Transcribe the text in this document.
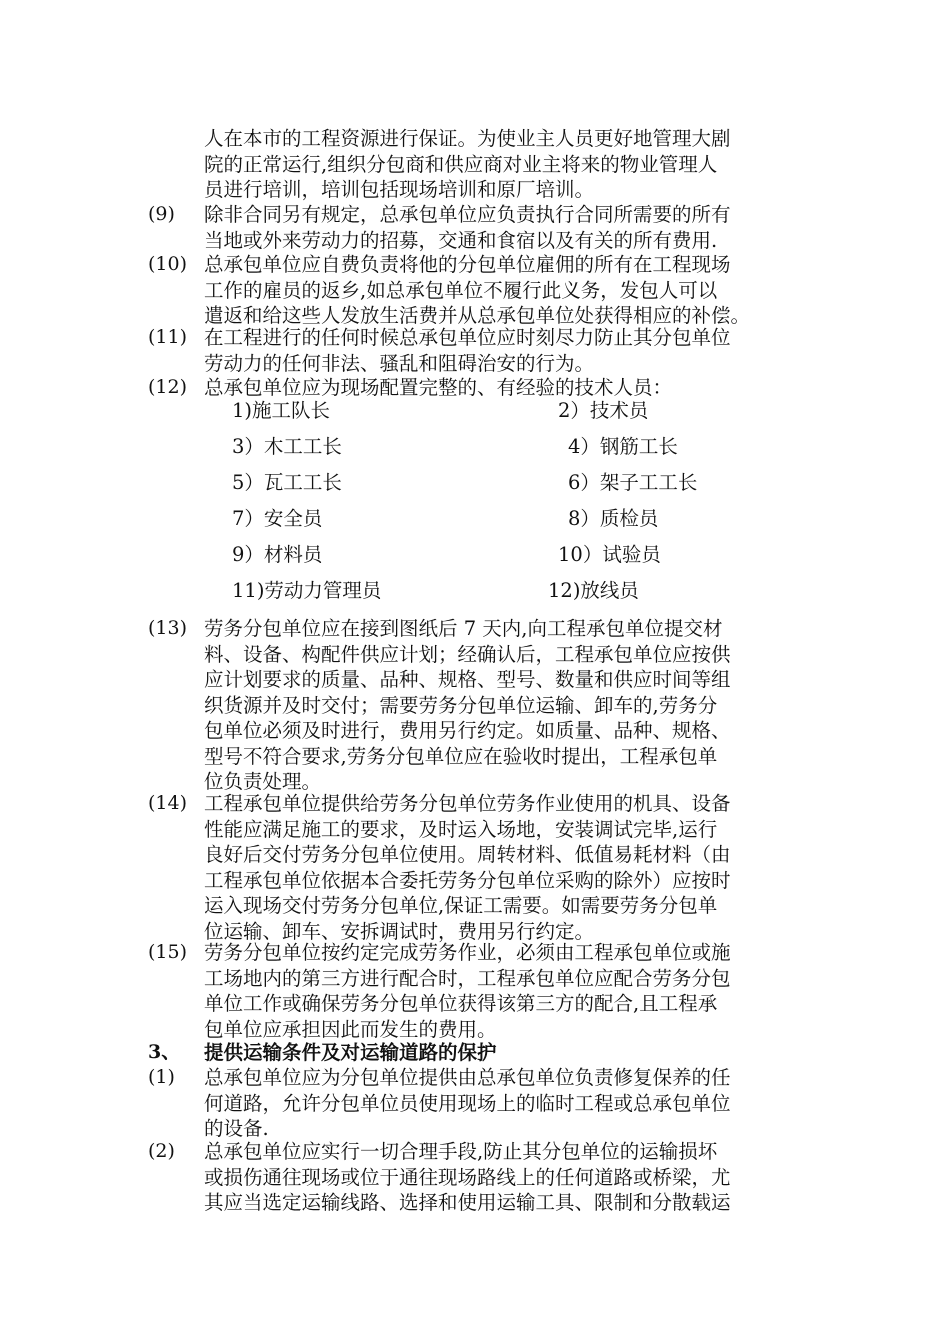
人在本市的工程资源进行保证。为使业主人员更好地管理大剧
院的正常运行,组织分包商和供应商对业主将来的物业管理人
员进行培训，培训包括现场培训和原厂培训。
(9) 除非合同另有规定，总承包单位应负责执行合同所需要的所有
当地或外来劳动力的招募，交通和食宿以及有关的所有费用.
(10) 总承包单位应自费负责将他的分包单位雇佣的所有在工程现场
工作的雇员的返乡,如总承包单位不履行此义务，发包人可以
遣返和给这些人发放生活费并从总承包单位处获得相应的补偿。
(11) 在工程进行的任何时候总承包单位应时刻尽力防止其分包单位
劳动力的任何非法、骚乱和阻碍治安的行为。
(12) 总承包单位应为现场配置完整的、有经验的技术人员：
1)施工队长	2）技术员
3）木工工长	4）钢筋工长
5）瓦工工长	6）架子工工长
7）安全员	8）质检员
9）材料员	10）试验员
11)劳动力管理员	12)放线员
(13) 劳务分包单位应在接到图纸后 7 天内,向工程承包单位提交材
料、设备、构配件供应计划；经确认后，工程承包单位应按供
应计划要求的质量、品种、规格、型号、数量和供应时间等组
织货源并及时交付；需要劳务分包单位运输、卸车的,劳务分
包单位必须及时进行，费用另行约定。如质量、品种、规格、
型号不符合要求,劳务分包单位应在验收时提出，工程承包单
位负责处理。
(14) 工程承包单位提供给劳务分包单位劳务作业使用的机具、设备
性能应满足施工的要求，及时运入场地，安装调试完毕,运行
良好后交付劳务分包单位使用。周转材料、低值易耗材料（由
工程承包单位依据本合委托劳务分包单位采购的除外）应按时
运入现场交付劳务分包单位,保证工需要。如需要劳务分包单
位运输、卸车、安拆调试时，费用另行约定。
(15) 劳务分包单位按约定完成劳务作业，必须由工程承包单位或施
工场地内的第三方进行配合时，工程承包单位应配合劳务分包
单位工作或确保劳务分包单位获得该第三方的配合,且工程承
包单位应承担因此而发生的费用。
3、 提供运输条件及对运输道路的保护
(1) 总承包单位应为分包单位提供由总承包单位负责修复保养的任
何道路，允许分包单位员使用现场上的临时工程或总承包单位
的设备.
(2) 总承包单位应实行一切合理手段,防止其分包单位的运输损坏
或损伤通往现场或位于通往现场路线上的任何道路或桥梁，尤
其应当选定运输线路、选择和使用运输工具、限制和分散载运
